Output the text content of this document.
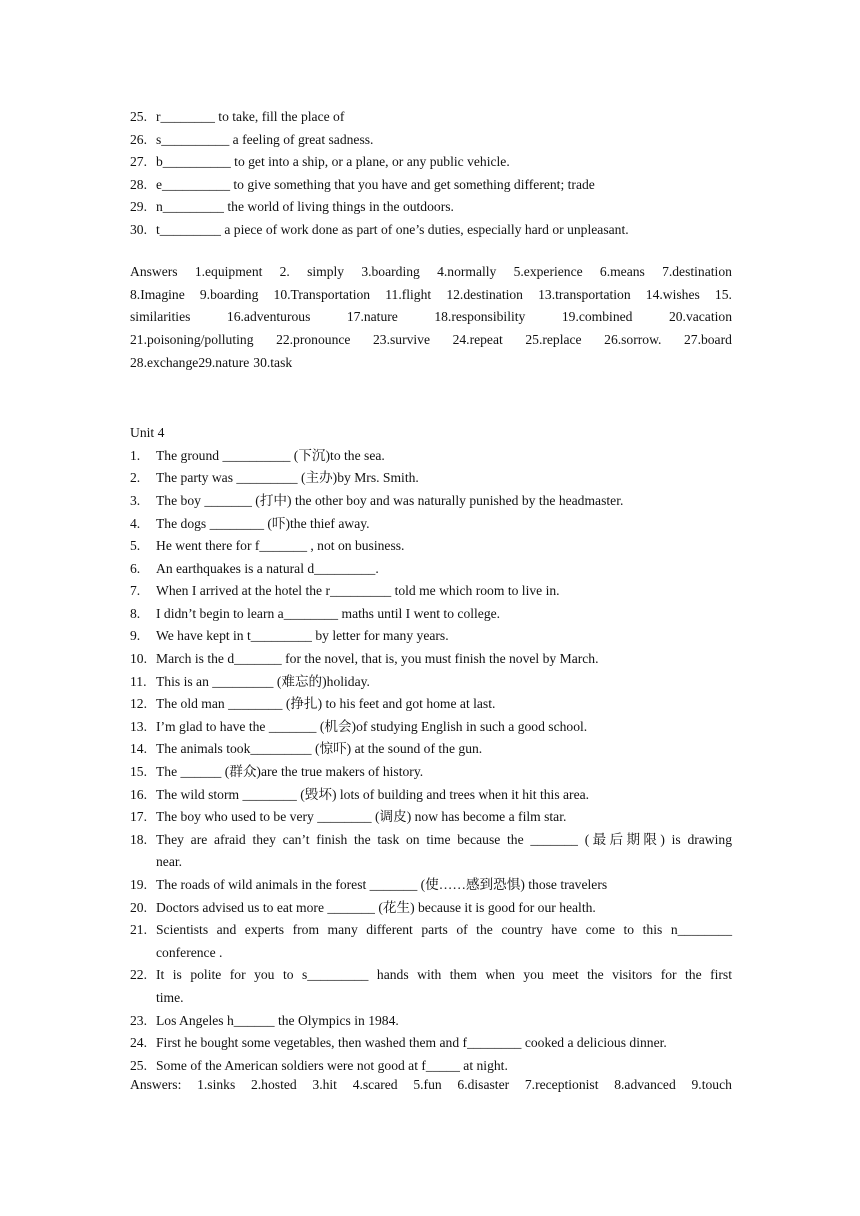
25. r________ to take, fill the place of
26. s__________ a feeling of great sadness.
27. b__________ to get into a ship, or a plane, or any public vehicle.
28. e__________ to give something that you have and get something different; trade
29. n_________ the world of living things in the outdoors.
30. t_________ a piece of work done as part of one’s duties, especially hard or unpleasant.
Answers 1.equipment 2. simply 3.boarding 4.normally 5.experience 6.means 7.destination
8.Imagine 9.boarding 10.Transportation 11.flight 12.destination 13.transportation 14.wishes 15.
similarities	16.adventurous	17.nature	18.responsibility	19.combined	20.vacation
21.poisoning/polluting 22.pronounce 23.survive 24.repeat 25.replace 26.sorrow. 27.board
28.exchange29.nature 30.task
Unit 4
1.	The ground __________ (下沉)to the sea.
2.	The party was _________ (主办)by Mrs. Smith.
3.	The boy _______ (打中) the other boy and was naturally punished by the headmaster.
4.	The dogs ________ (吓)the thief away.
5.	He went there for f_______ , not on business.
6.	An earthquakes is a natural d_________.
7.	When I arrived at the hotel the r_________ told me which room to live in.
8.	I didn’t begin to learn a________ maths until I went to college.
9.	We have kept in t_________ by letter for many years.
10. March is the d_______ for the novel, that is, you must finish the novel by March.
11. This is an _________ (难忘的)holiday.
12. The old man ________ (挣扎) to his feet and got home at last.
13. I’m glad to have the _______ (机会)of studying English in such a good school.
14. The animals took_________ (惊吓) at the sound of the gun.
15. The ______ (群众)are the true makers of history.
16. The wild storm ________ (毁坏) lots of building and trees when it hit this area.
17. The boy who used to be very ________ (调皮) now has become a film star.
18. They are afraid they can’t finish the task on time because the _______ (最后期限) is drawing
near.
19. The roads of wild animals in the forest _______ (使……感到恐惧) those travelers
20. Doctors advised us to eat more _______ (花生) because it is good for our health.
21. Scientists and experts from many different parts of the country have come to this n________
conference .
22. It is polite for you to s_________ hands with them when you meet the visitors for the first
time.
23. Los Angeles h______ the Olympics in 1984.
24. First he bought some vegetables, then washed them and f________ cooked a delicious dinner.
25. Some of the American soldiers were not good at f_____ at night.
Answers: 1.sinks 2.hosted 3.hit 4.scared 5.fun 6.disaster 7.receptionist 8.advanced 9.touch
